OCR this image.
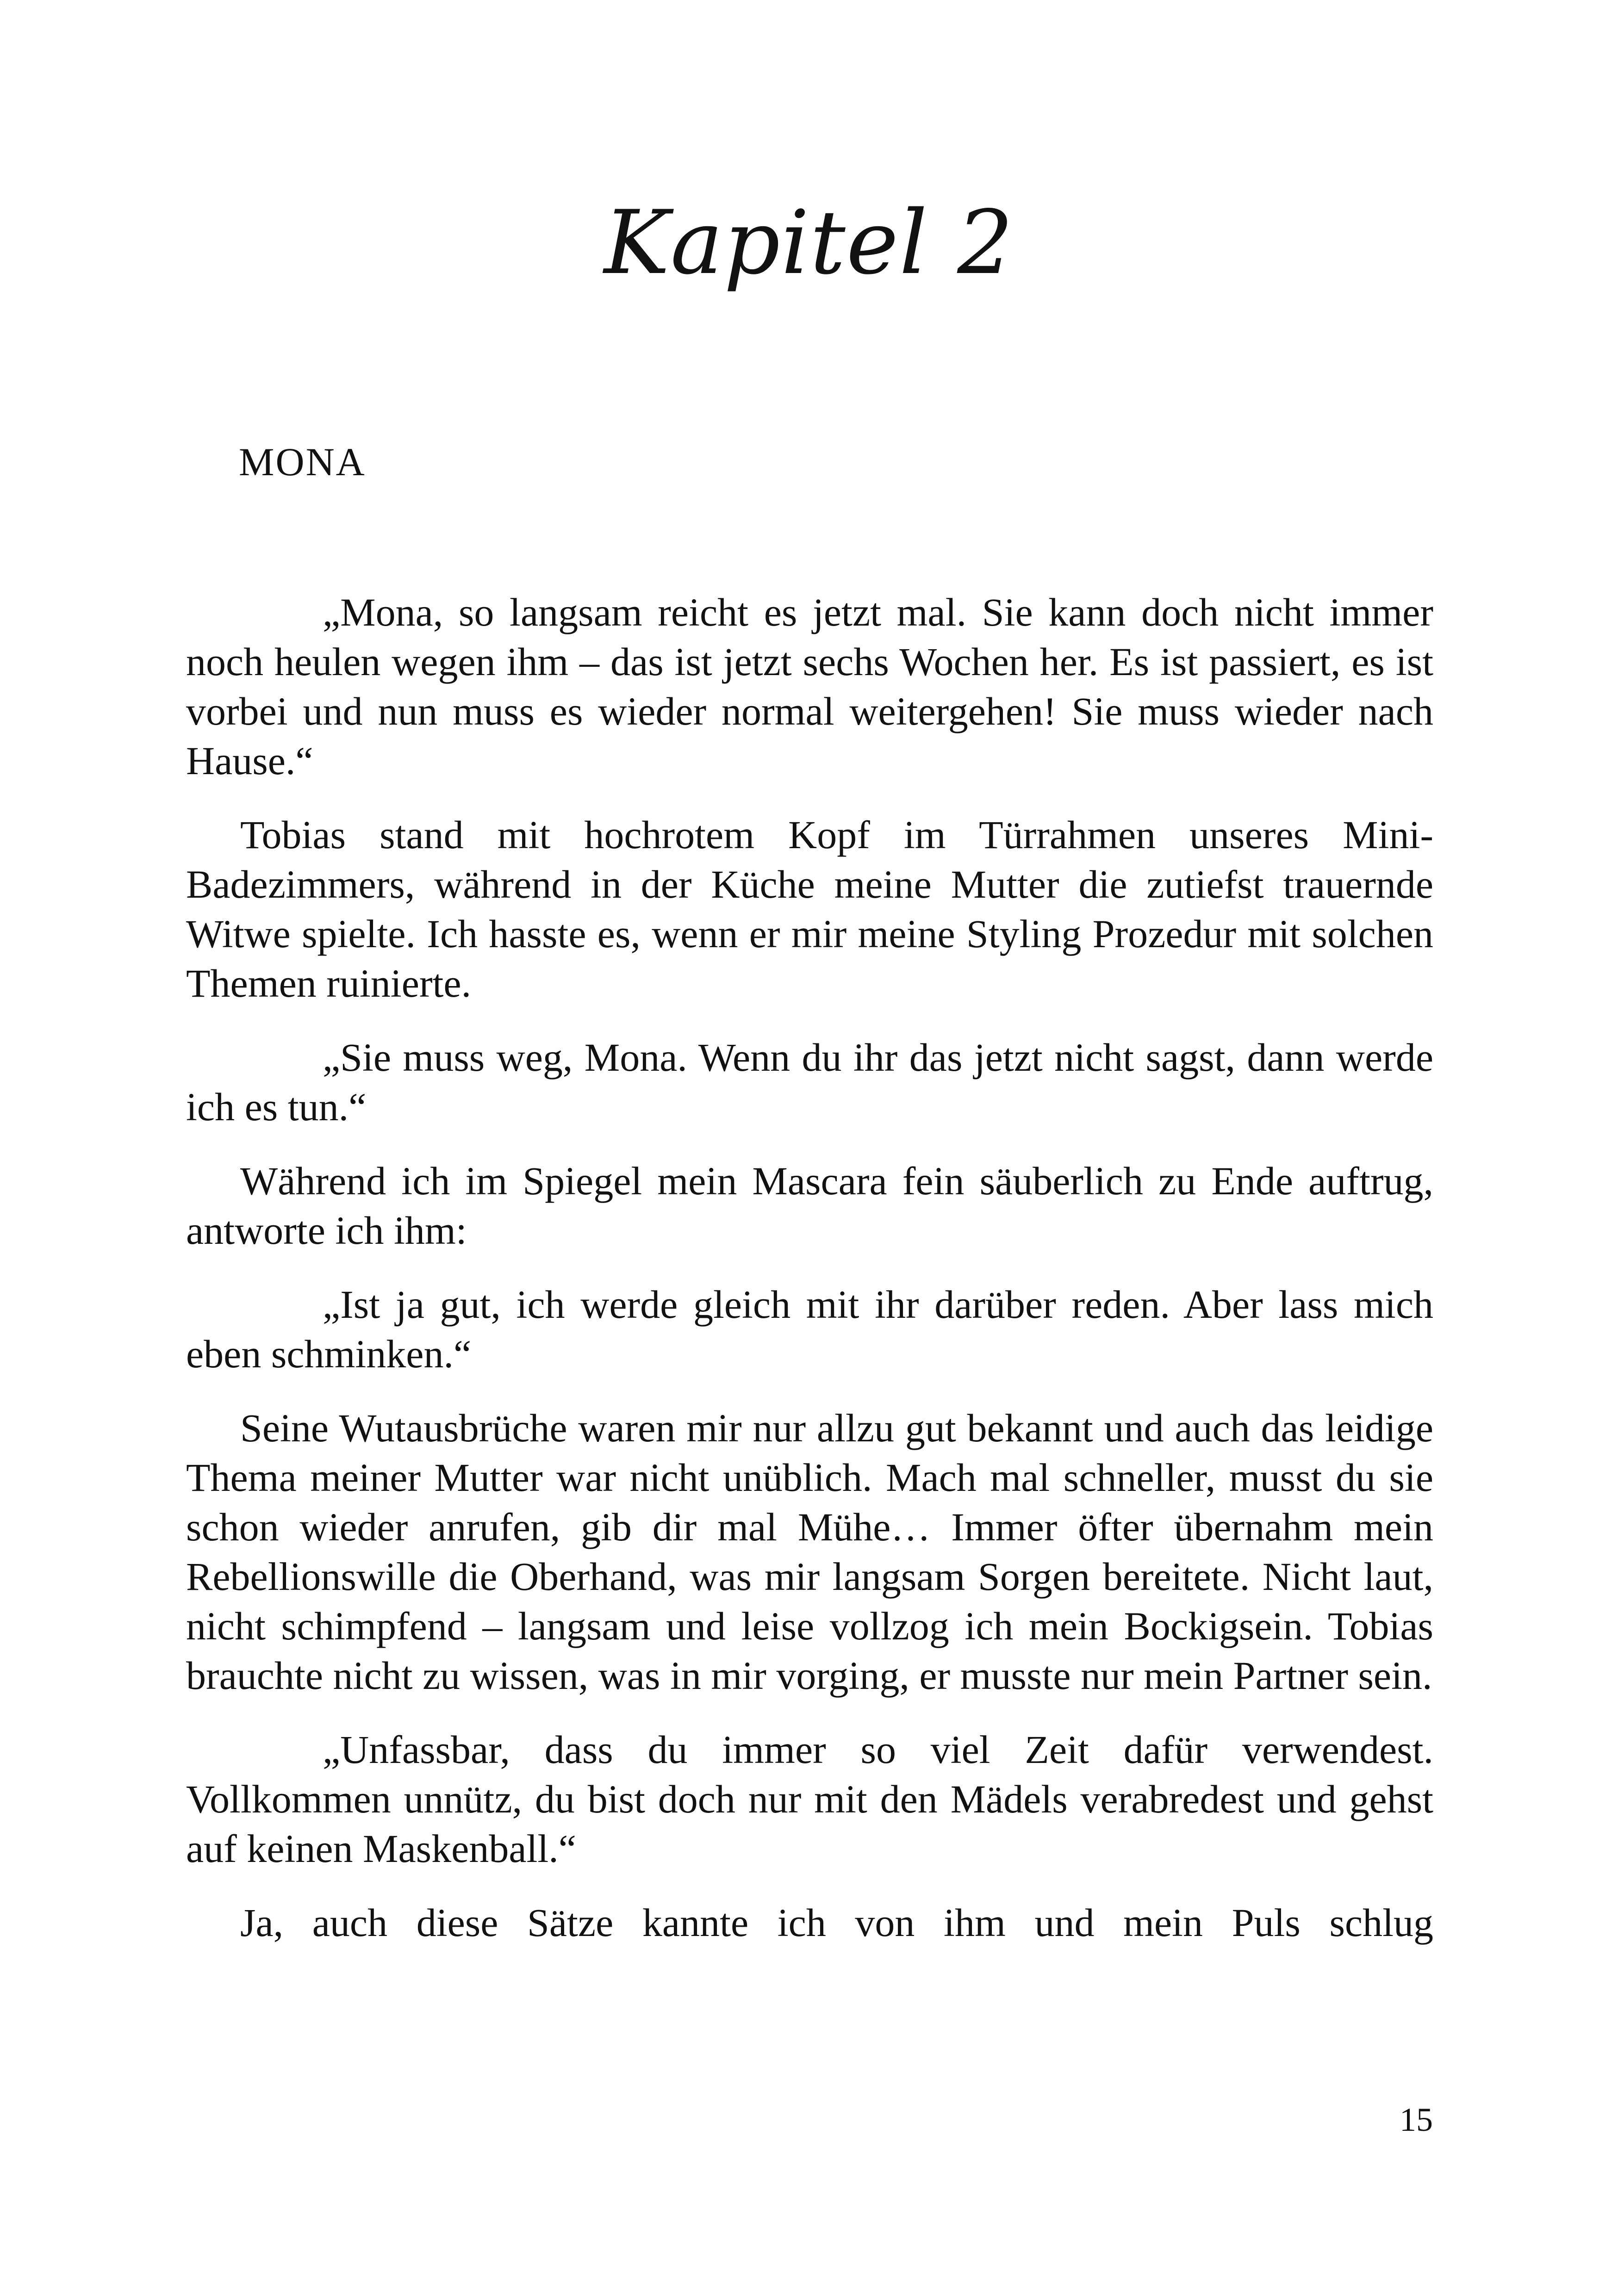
Kapitel 2
MONA

„Mona, so langsam reicht es jetzt mal. Sie kann doch nicht immer noch heulen wegen ihm – das ist jetzt sechs Wochen her. Es ist passiert, es ist vorbei und nun muss es wieder normal weitergehen! Sie muss wieder nach Hause.“

Tobias stand mit hochrotem Kopf im Türrahmen unseres Mini-Badezimmers, während in der Küche meine Mutter die zutiefst trauernde Witwe spielte. Ich hasste es, wenn er mir meine Styling Prozedur mit solchen Themen ruinierte.

„Sie muss weg, Mona. Wenn du ihr das jetzt nicht sagst, dann werde ich es tun.“

Während ich im Spiegel mein Mascara fein säuberlich zu Ende auftrug, antworte ich ihm:

„Ist ja gut, ich werde gleich mit ihr darüber reden. Aber lass mich eben schminken.“

Seine Wutausbrüche waren mir nur allzu gut bekannt und auch das leidige Thema meiner Mutter war nicht unüblich. Mach mal schneller, musst du sie schon wieder anrufen, gib dir mal Mühe… Immer öfter übernahm mein Rebellionswille die Oberhand, was mir langsam Sorgen bereitete. Nicht laut, nicht schimpfend – langsam und leise vollzog ich mein Bockigsein. Tobias brauchte nicht zu wissen, was in mir vorging, er musste nur mein Partner sein.

„Unfassbar, dass du immer so viel Zeit dafür verwendest. Vollkommen unnütz, du bist doch nur mit den Mädels verabredest und gehst auf keinen Maskenball.“

Ja, auch diese Sätze kannte ich von ihm und mein Puls schlug

15
